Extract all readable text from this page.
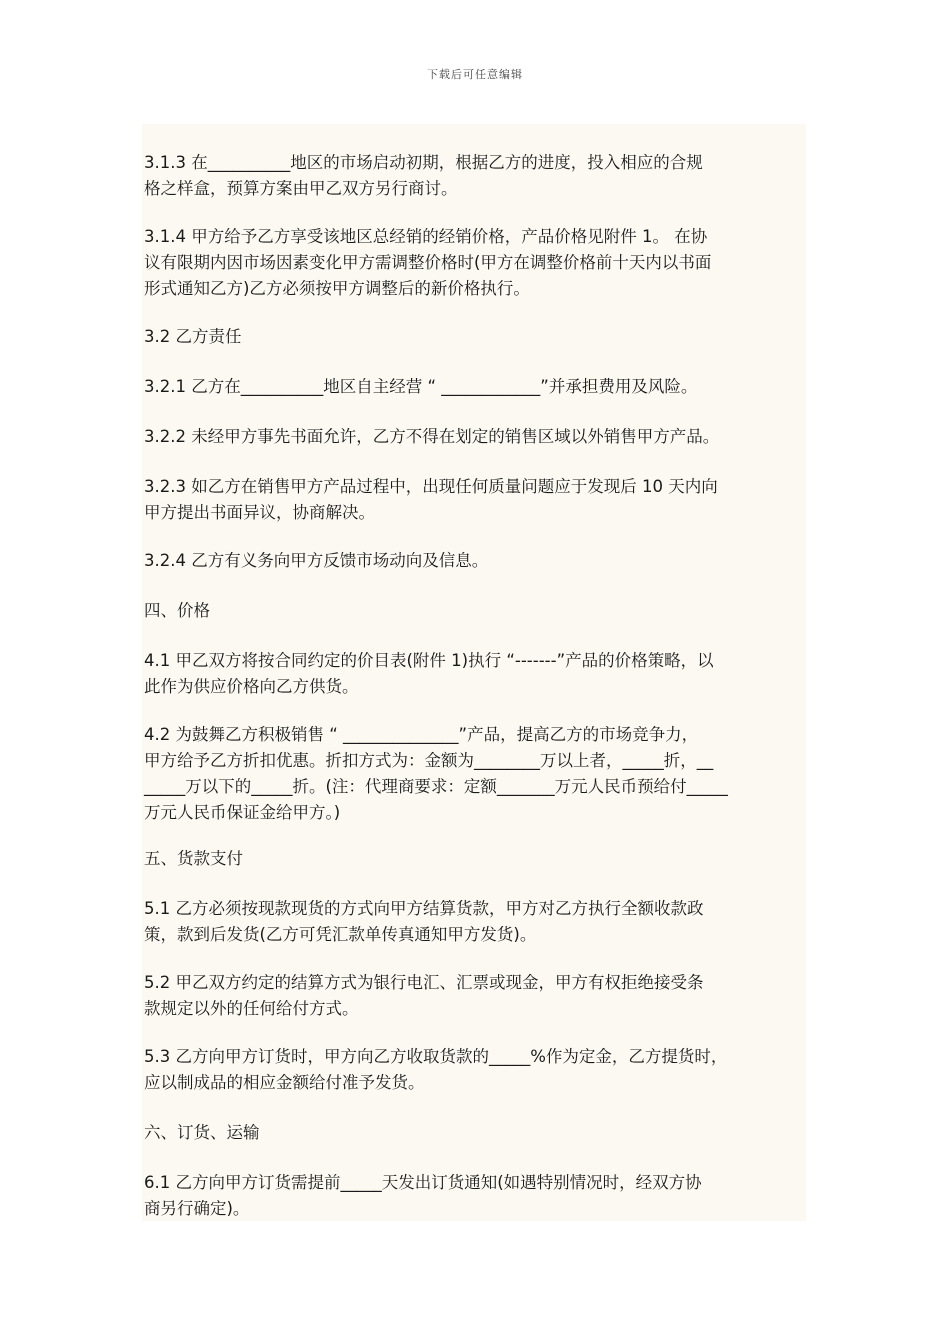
下载后可任意编辑

3.1.3 在__________地区的市场启动初期，根据乙方的进度，投入相应的合规
格之样盒，预算方案由甲乙双方另行商讨。

3.1.4 甲方给予乙方享受该地区总经销的经销价格，产品价格见附件 1。 在协
议有限期内因市场因素变化甲方需调整价格时(甲方在调整价格前十天内以书面
形式通知乙方)乙方必须按甲方调整后的新价格执行。

3.2 乙方责任

3.2.1 乙方在__________地区自主经营 “ ____________”并承担费用及风险。

3.2.2 未经甲方事先书面允许，乙方不得在划定的销售区域以外销售甲方产品。

3.2.3 如乙方在销售甲方产品过程中，出现任何质量问题应于发现后 10 天内向
甲方提出书面异议，协商解决。

3.2.4 乙方有义务向甲方反馈市场动向及信息。

四、价格

4.1 甲乙双方将按合同约定的价目表(附件 1)执行 “-------”产品的价格策略，以
此作为供应价格向乙方供货。

4.2 为鼓舞乙方积极销售 “ ______________”产品，提高乙方的市场竞争力，
甲方给予乙方折扣优惠。折扣方式为：金额为________万以上者，_____折，__
_____万以下的_____折。(注：代理商要求：定额_______万元人民币预给付_____
万元人民币保证金给甲方。)

五、货款支付

5.1 乙方必须按现款现货的方式向甲方结算货款，甲方对乙方执行全额收款政
策，款到后发货(乙方可凭汇款单传真通知甲方发货)。

5.2 甲乙双方约定的结算方式为银行电汇、汇票或现金，甲方有权拒绝接受条
款规定以外的任何给付方式。

5.3 乙方向甲方订货时，甲方向乙方收取货款的_____%作为定金，乙方提货时，
应以制成品的相应金额给付准予发货。

六、订货、运输

6.1 乙方向甲方订货需提前_____天发出订货通知(如遇特别情况时，经双方协
商另行确定)。
